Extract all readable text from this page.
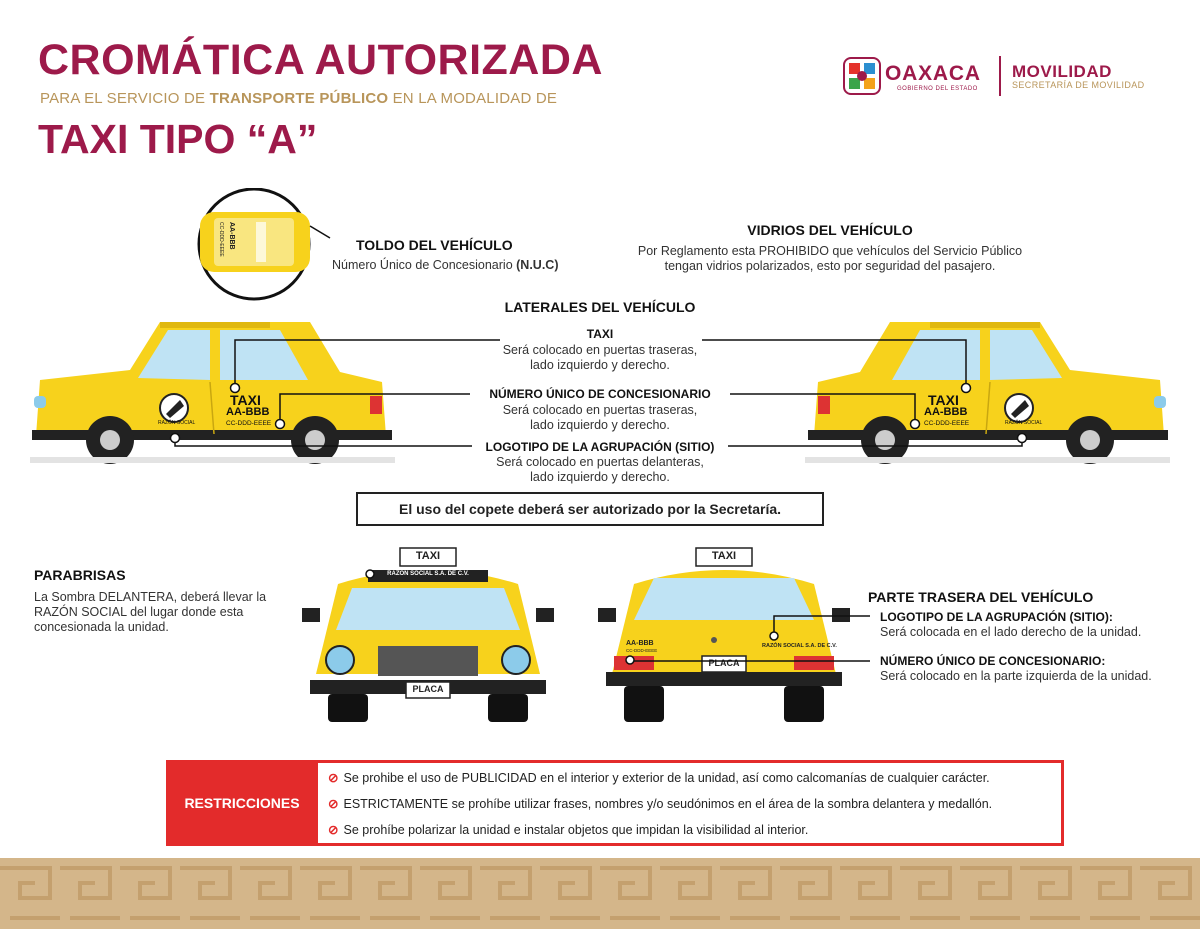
CROMÁTICA AUTORIZADA
PARA EL SERVICIO DE TRANSPORTE PÚBLICO EN LA MODALIDAD DE
TAXI TIPO “A”
OAXACA
GOBIERNO DEL ESTADO
MOVILIDAD
SECRETARÍA DE MOVILIDAD
AA-BBB
CC-DDD-EEEE	TOLDO DEL VEHÍCULO
Número Único de Concesionario (N.U.C)
VIDRIOS DEL VEHÍCULO
Por Reglamento esta PROHIBIDO que vehículos del Servicio Público
tengan vidrios polarizados, esto por seguridad del pasajero.
LATERALES DEL VEHÍCULO
TAXI
AA-BBB
CC-DDD-EEEE
RAZÓN SOCIAL
TAXI
AA-BBB
CC-DDD-EEEE	RAZÓN SOCIAL
TAXI
Será colocado en puertas traseras,
lado izquierdo y derecho.
NÚMERO ÚNICO DE CONCESIONARIO
Será colocado en puertas traseras,
lado izquierdo y derecho.
LOGOTIPO DE LA AGRUPACIÓN (SITIO)
Será colocado en puertas delanteras,
lado izquierdo y derecho.
El uso del copete deberá ser autorizado por la Secretaría.
PARABRISAS
La Sombra DELANTERA, deberá llevar la
RAZÓN SOCIAL del lugar donde esta
concesionada la unidad.
TAXI
RAZÓN SOCIAL S.A. DE C.V.
PLACA
TAXI
AA-BBB
CC-DDD-EEEE
RAZÓN SOCIAL S.A. DE C.V.
PLACA
PARTE TRASERA DEL VEHÍCULO
LOGOTIPO DE LA AGRUPACIÓN (SITIO):
Será colocada en el lado derecho de la unidad.
NÚMERO ÚNICO DE CONCESIONARIO:
Será colocado en la parte izquierda de la unidad.
RESTRICCIONES
⊘ Se prohibe el uso de PUBLICIDAD en el interior y exterior de la unidad, así como calcomanías de cualquier carácter.
⊘ ESTRICTAMENTE se prohíbe utilizar frases, nombres y/o seudónimos en el área de la sombra delantera y medallón.
⊘ Se prohíbe polarizar la unidad e instalar objetos que impidan la visibilidad al interior.
